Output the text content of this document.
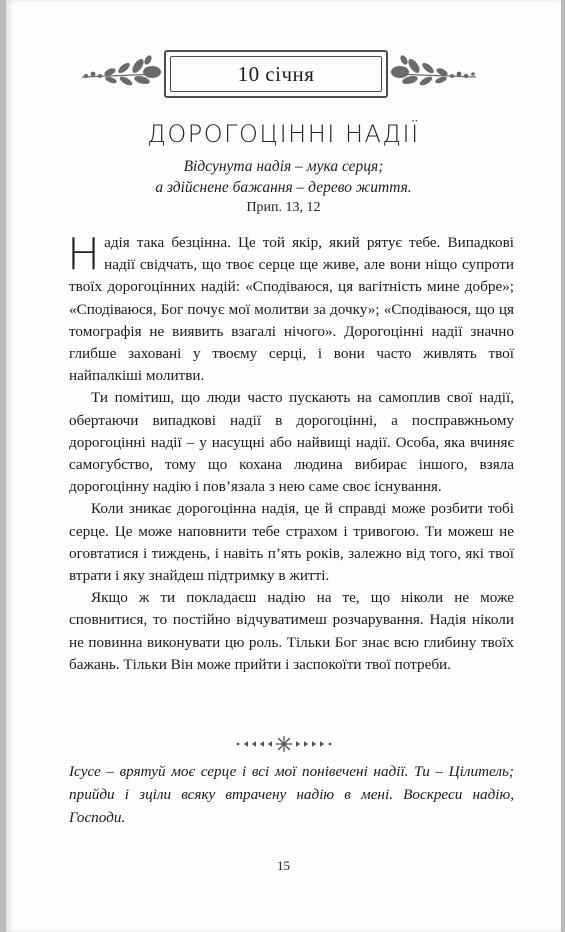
10 січня
ДОРОГОЦІННІ НАДІЇ
Відсунута надія – мука серця;
а здійснене бажання – дерево життя.
Прип. 13, 12

Надія така безцінна. Це той якір, який рятує тебе. Випадкові надії свідчать, що твоє серце ще живе, але вони ніщо супроти твоїх дорогоцінних надій: «Сподіваюся, ця вагітність мине добре»; «Сподіваюся, Бог почує мої молитви за дочку»; «Сподіваюся, що ця томографія не виявить взагалі нічого». Дорогоцінні надії значно глибше заховані у твоєму серці, і вони часто живлять твої найпалкіші молитви.

Ти помітиш, що люди часто пускають на самоплив свої надії, обертаючи випадкові надії в дорогоцінні, а посправжньому дорогоцінні надії – у насущні або найвищі надії. Особа, яка вчиняє самогубство, тому що кохана людина вибирає іншого, взяла дорогоцінну надію і пов’язала з нею саме своє існування.

Коли зникає дорогоцінна надія, це й справді може розбити тобі серце. Це може наповнити тебе страхом і тривогою. Ти можеш не оговтатися і тиждень, і навіть п’ять років, залежно від того, які твої втрати і яку знайдеш підтримку в житті.

Якщо ж ти покладаєш надію на те, що ніколи не може сповнитися, то постійно відчуватимеш розчарування. Надія ніколи не повинна виконувати цю роль. Тільки Бог знає всю глибину твоїх бажань. Тільки Він може прийти і заспокоїти твої потреби.

Ісусе – врятуй моє серце і всі мої понівечені надії. Ти – Цілитель; прийди і зціли всяку втрачену надію в мені. Воскреси надію, Господи.

15
